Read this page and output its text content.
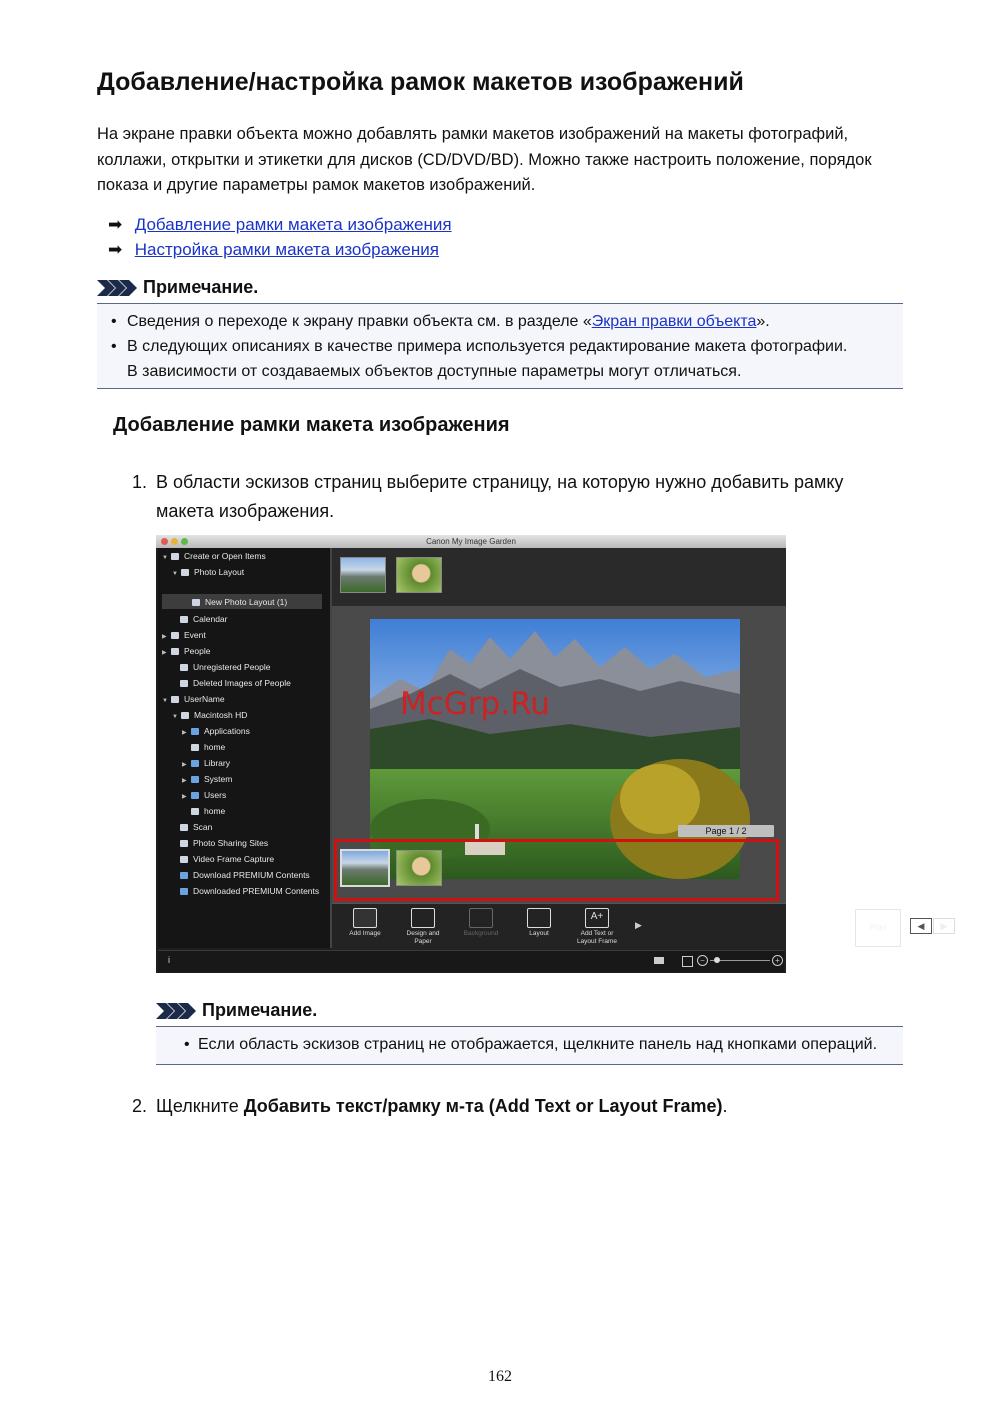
Добавление/настройка рамок макетов изображений

На экране правки объекта можно добавлять рамки макетов изображений на макеты фотографий, коллажи, открытки и этикетки для дисков (CD/DVD/BD). Можно также настроить положение, порядок показа и другие параметры рамок макетов изображений.

➡ Добавление рамки макета изображения
➡ Настройка рамки макета изображения
Примечание.
• Сведения о переходе к экрану правки объекта см. в разделе «Экран правки объекта».
• В следующих описаниях в качестве примера используется редактирование макета фотографии.
В зависимости от создаваемых объектов доступные параметры могут отличаться.
Добавление рамки макета изображения
1. В области эскизов страниц выберите страницу, на которую нужно добавить рамку
макета изображения.
Canon My Image Garden
▼ Create or Open Items
▼ Photo Layout
New Photo Layout (1)
Calendar
▶ Event
▶ People
Unregistered People
Deleted Images of People
▼ UserName
▼ Macintosh HD
▶ Applications
home
▶ Library
▶ System
▶ Users
home
Scan
Photo Sharing Sites
Video Frame Capture
Download PREMIUM Contents
Downloaded PREMIUM Contents
Page 1 / 2
Add Image	Design and
Paper
Background	Layout
A+
Add Text or
Layout Frame
▶	Print	◀	▶
i	−	+
McGrp.Ru
Примечание.
• Если область эскизов страниц не отображается, щелкните панель над кнопками операций.
2. Щелкните Добавить текст/рамку м-та (Add Text or Layout Frame).
162
